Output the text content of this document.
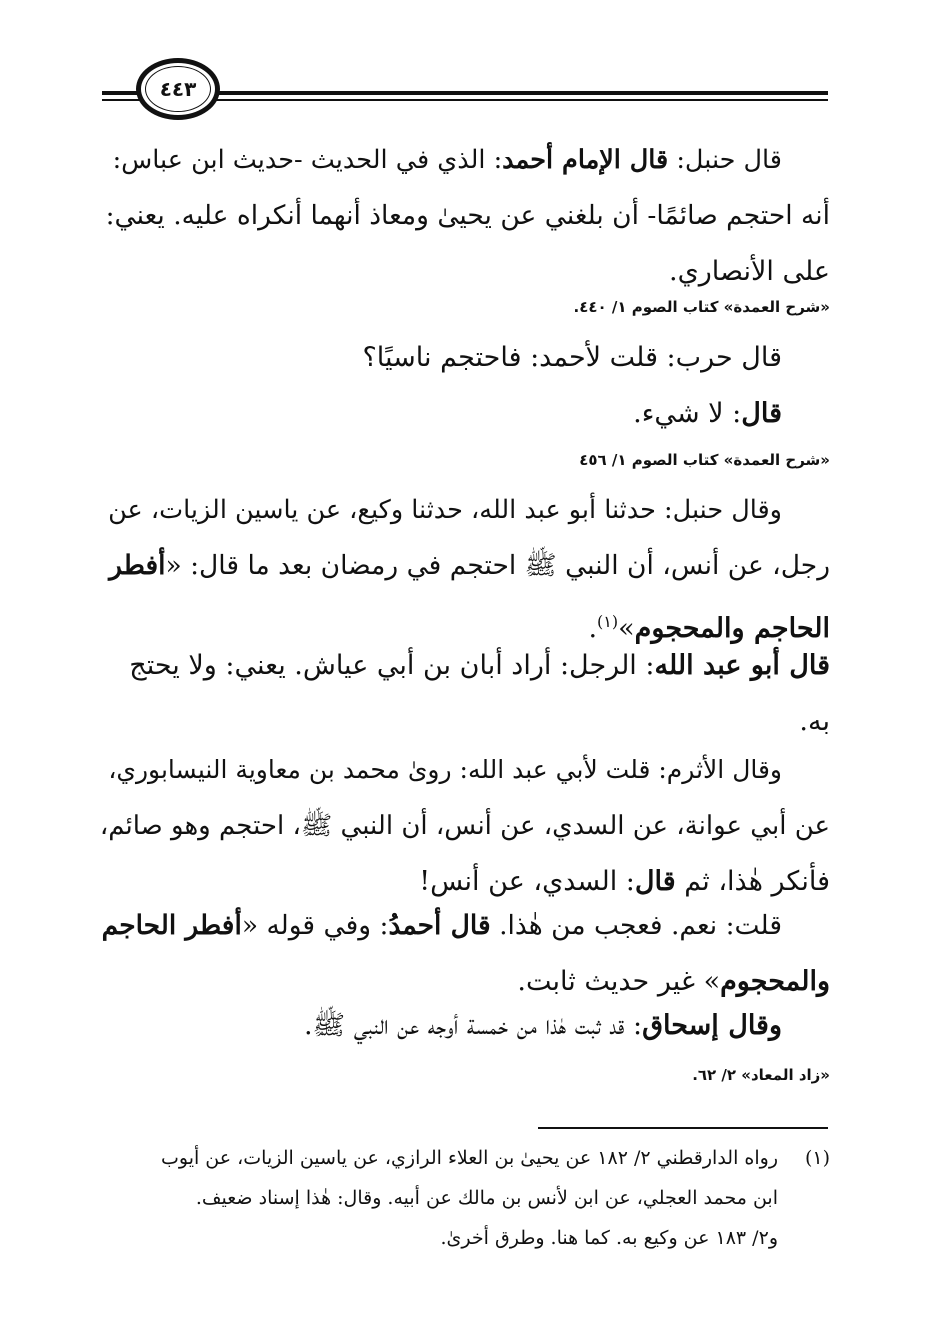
٤٤٣
قال حنبل: قال الإمام أحمد: الذي في الحديث -حديث ابن عباس:
أنه احتجم صائمًا- أن بلغني عن يحيىٰ ومعاذ أنهما أنكراه عليه. يعني:
على الأنصاري.
«شرح العمدة» كتاب الصوم ١/ ٤٤٠.
قال حرب: قلت لأحمد: فاحتجم ناسيًا؟
قال: لا شيء.
«شرح العمدة» كتاب الصوم ١/ ٤٥٦
وقال حنبل: حدثنا أبو عبد الله، حدثنا وكيع، عن ياسين الزيات، عن
رجل، عن أنس، أن النبي ﷺ احتجم في رمضان بعد ما قال: «أفطر
الحاجم والمحجوم»$^{(١)}$.
قال أبو عبد الله: الرجل: أراد أبان بن أبي عياش. يعني: ولا يحتج
به.
وقال الأثرم: قلت لأبي عبد الله: روىٰ محمد بن معاوية النيسابوري،
عن أبي عوانة، عن السدي، عن أنس، أن النبي ﷺ، احتجم وهو صائم،
فأنكر هٰذا، ثم قال: السدي، عن أنس!
قلت: نعم. فعجب من هٰذا. قال أحمدُ: وفي قوله «أفطر الحاجم
والمحجوم» غير حديث ثابت.
وقال إسحاق: قد ثبت هٰذا من خمسة أوجه عن النبي ﷺ.
«زاد المعاد» ٢/ ٦٢.
(١)رواه الدارقطني ٢/ ١٨٢ عن يحيىٰ بن العلاء الرازي، عن ياسين الزيات، عن أيوب
ابن محمد العجلي، عن ابن لأنس بن مالك عن أبيه. وقال: هٰذا إسناد ضعيف.
و٢/ ١٨٣ عن وكيع به. كما هنا. وطرق أخرىٰ.
